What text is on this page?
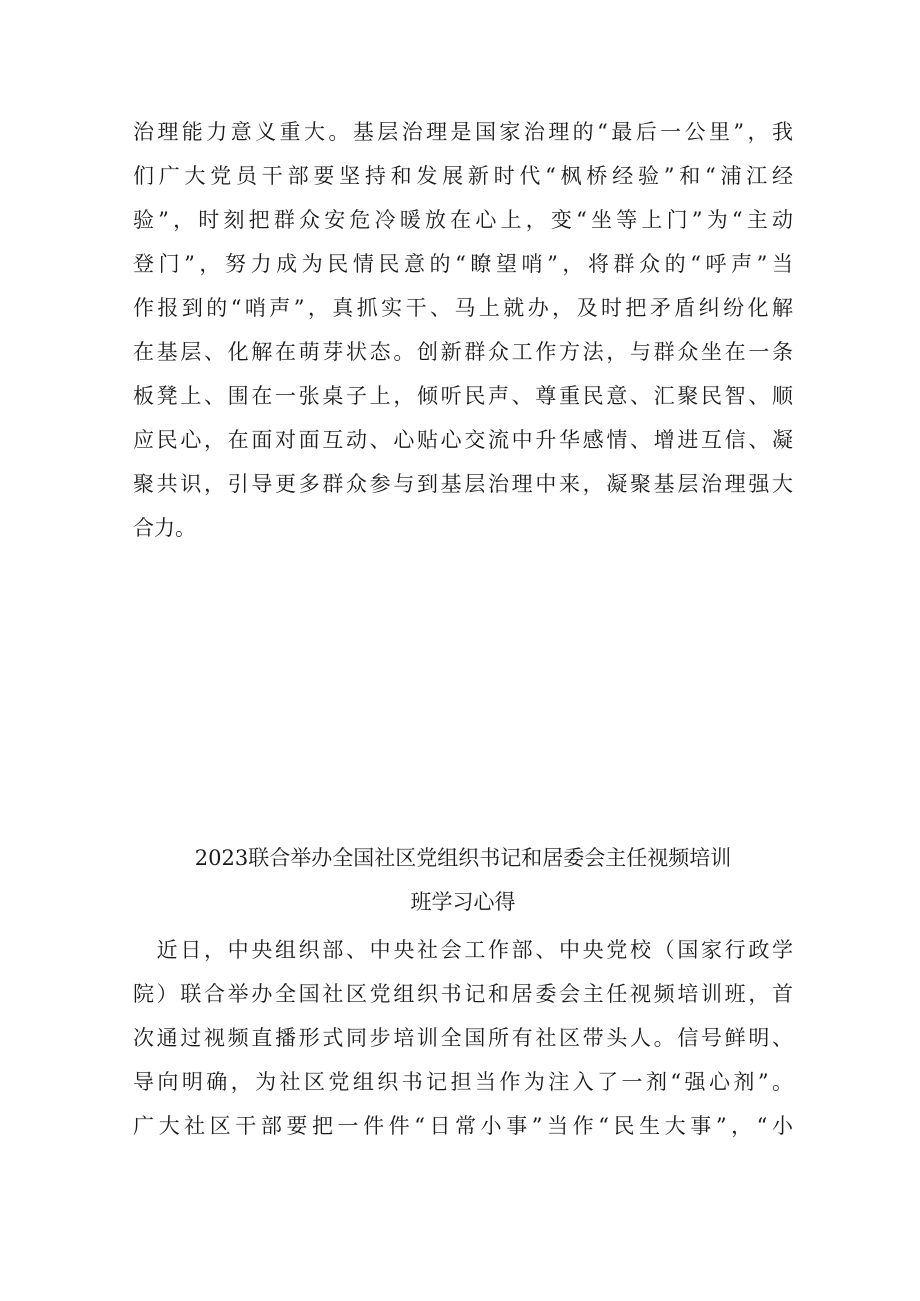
治理能力意义重大。基层治理是国家治理的“最后一公里”，我
们广大党员干部要坚持和发展新时代“枫桥经验”和“浦江经
验”，时刻把群众安危冷暖放在心上，变“坐等上门”为“主动
登门”，努力成为民情民意的“瞭望哨”，将群众的“呼声”当
作报到的“哨声”，真抓实干、马上就办，及时把矛盾纠纷化解
在基层、化解在萌芽状态。创新群众工作方法，与群众坐在一条
板凳上、围在一张桌子上，倾听民声、尊重民意、汇聚民智、顺
应民心，在面对面互动、心贴心交流中升华感情、增进互信、凝
聚共识，引导更多群众参与到基层治理中来，凝聚基层治理强大
合力。
2023联合举办全国社区党组织书记和居委会主任视频培训
班学习心得
　近日，中央组织部、中央社会工作部、中央党校（国家行政学
院）联合举办全国社区党组织书记和居委会主任视频培训班，首
次通过视频直播形式同步培训全国所有社区带头人。信号鲜明、
导向明确，为社区党组织书记担当作为注入了一剂“强心剂”。
广大社区干部要把一件件“日常小事”当作“民生大事”，“小
